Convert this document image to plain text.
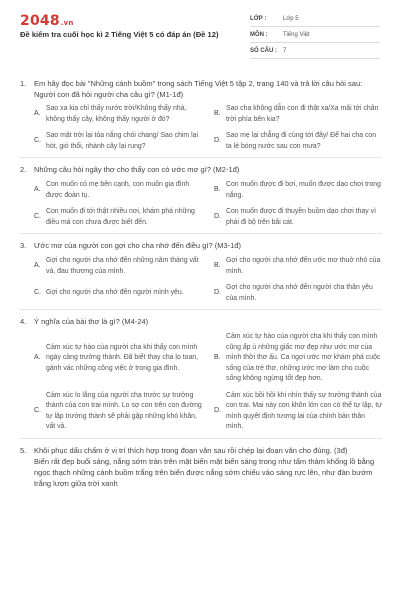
2048.vn
Đề kiểm tra cuối học kì 2 Tiếng Việt 5 có đáp án (Đề 12)
LỚP :	Lớp 5
MÔN :	Tiếng Việt
SỐ CÂU :	7
1.	Em hãy đọc bài "Những cánh buồm" trong sách Tiếng Việt 5 tập 2, trang 140 và trả lời câu hỏi sau:
Người con đã hỏi người cha câu gì? (M1-1đ)
A.
Sao xa kia chỉ thấy nước trời/Không thấy nhà, không thấy cây, không thấy người ở đó?
B.
Sao cha không dẫn con đi thật xa/Xa mãi tới chân trời phía bên kia?
C.
Sao mặt trời lại tỏa nắng chói chang/ Sao chim lại hót, gió thổi, nhành cây lại rung?
D.
Sao mẹ lại chẳng đi cùng tới đây/ Để hai cha con ta lẻ bóng nước sau con mưa?
2.	Những câu hỏi ngây thơ cho thấy con có ước mơ gì? (M2-1đ)
A.
Con muốn có mẹ bên cạnh, con muốn gia đình được đoàn tụ.
B.
Con muốn được đi bơi, muốn được dạo chơi trong nắng.
C.
Con muốn đi tới thật nhiều nơi, khám phá những điều mà con chưa được biết đến.
D.
Con muốn được đi thuyền buồm dạo chơi thay vì phải đi bộ trên bãi cát.
3.	Ước mơ của người con gợi cho cha nhớ đến điều gì? (M3-1đ)
A.
Gợi cho người cha nhớ đến những năm tháng vất vả, đau thương của mình.
B.
Gợi cho người cha nhớ đến ước mơ thuở nhỏ của mình.
C. Gợi cho người cha nhớ đến người mình yêu.	D.
Gợi cho người cha nhớ đến người cha thân yêu của mình.
4.	Ý nghĩa của bài thơ là gì? (M4-24)
A.
Cảm xúc tự hào của người cha khi thấy con mình ngày càng trưởng thành. Đã biết thay cha lo toan, gánh vác những công việc ở trong gia đình.
B.
Cảm xúc tự hào của người cha khi thấy con mình cũng ấp ủ những giấc mơ đẹp như ước mơ của mình thời thơ ấu. Ca ngợi ước mơ khám phá cuộc sống của trẻ thơ, những ước mơ làm cho cuộc sống không ngừng tốt đẹp hơn.
C.
Cảm xúc lo lắng của người cha trước sự trưởng thành của con trai mình. Lo sợ con trên con đường tự lập trưởng thành sẽ phải gặp những khó khăn, vất vả.
D.
Cảm xúc bồi hồi khi nhìn thấy sự trưởng thành của con trai. Mai này con khôn lớn con có thể tự lập, tự mình quyết định tương lai của chính bản thân mình.
5.	Khôi phục dấu chấm ở vị trí thích hợp trong đoạn văn sau rồi chép lại đoạn văn cho đúng. (3đ)
Biển rất đẹp buổi sáng, nắng sớm tràn trên mặt biển mặt biển sáng trong như tấm thảm khổng lồ bằng ngọc thạch những cánh buồm trắng trên biển được nắng sớm chiếu vào sáng rực lên, như đàn bướm trắng lượn giữa trời xanh
